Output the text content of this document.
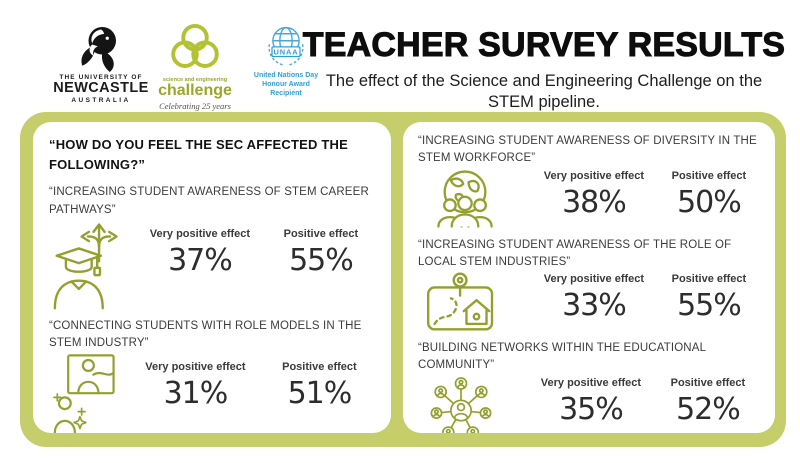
THE UNIVERSITY OF
NEWCASTLE
AUSTRALIA
science and engineering
challenge
Celebrating 25 years
UNAA
United Nations Day
Honour Award
Recipient
TEACHER SURVEY RESULTS
The effect of the Science and Engineering Challenge on the STEM pipeline.
“HOW DO YOU FEEL THE SEC AFFECTED THE FOLLOWING?”
“INCREASING STUDENT AWARENESS OF STEM CAREER PATHWAYS”
Very positive effect
37%
Positive effect
55%
“CONNECTING STUDENTS WITH ROLE MODELS IN THE STEM INDUSTRY”
Very positive effect
31%
Positive effect
51%
“INCREASING STUDENT AWARENESS OF DIVERSITY IN THE STEM WORKFORCE”
Very positive effect
38%
Positive effect
50%
“INCREASING STUDENT AWARENESS OF THE ROLE OF LOCAL STEM INDUSTRIES”
Very positive effect
33%
Positive effect
55%
“BUILDING NETWORKS WITHIN THE EDUCATIONAL COMMUNITY”
Very positive effect
35%
Positive effect
52%
